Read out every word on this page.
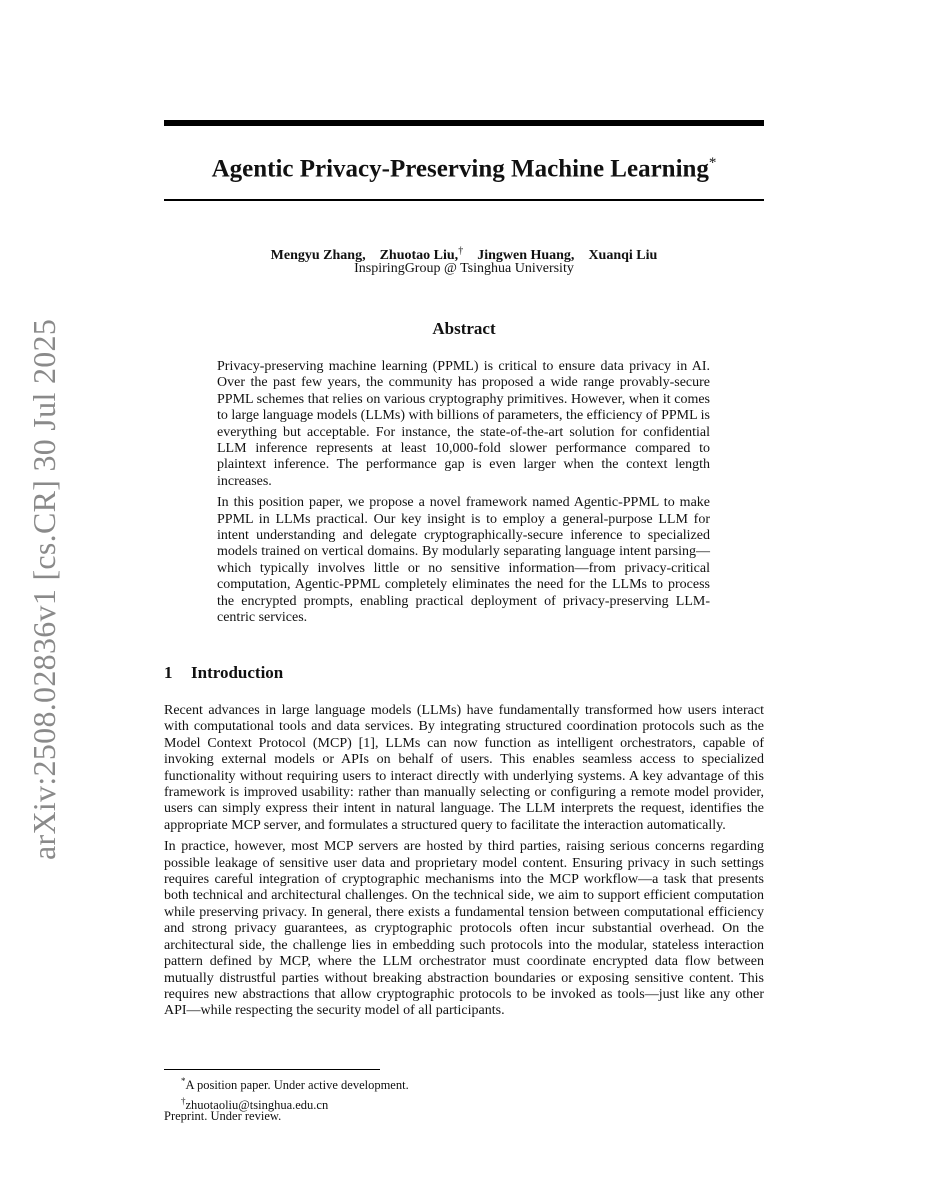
arXiv:2508.02836v1 [cs.CR] 30 Jul 2025
Agentic Privacy-Preserving Machine Learning*
Mengyu Zhang, Zhuotao Liu,† Jingwen Huang, Xuanqi Liu
InspiringGroup @ Tsinghua University
Abstract

Privacy-preserving machine learning (PPML) is critical to ensure data privacy in AI. Over the past few years, the community has proposed a wide range provably-secure PPML schemes that relies on various cryptography primitives. However, when it comes to large language models (LLMs) with billions of parameters, the efficiency of PPML is everything but acceptable. For instance, the state-of-the-art solution for confidential LLM inference represents at least 10,000-fold slower performance compared to plaintext inference. The performance gap is even larger when the context length increases.

In this position paper, we propose a novel framework named Agentic-PPML to make PPML in LLMs practical. Our key insight is to employ a general-purpose LLM for intent understanding and delegate cryptographically-secure inference to specialized models trained on vertical domains. By modularly separating language intent parsing—which typically involves little or no sensitive information—from privacy-critical computation, Agentic-PPML completely eliminates the need for the LLMs to process the encrypted prompts, enabling practical deployment of privacy-preserving LLM-centric services.

1 Introduction

Recent advances in large language models (LLMs) have fundamentally transformed how users interact with computational tools and data services. By integrating structured coordination protocols such as the Model Context Protocol (MCP) [1], LLMs can now function as intelligent orchestrators, capable of invoking external models or APIs on behalf of users. This enables seamless access to specialized functionality without requiring users to interact directly with underlying systems. A key advantage of this framework is improved usability: rather than manually selecting or configuring a remote model provider, users can simply express their intent in natural language. The LLM interprets the request, identifies the appropriate MCP server, and formulates a structured query to facilitate the interaction automatically.

In practice, however, most MCP servers are hosted by third parties, raising serious concerns regarding possible leakage of sensitive user data and proprietary model content. Ensuring privacy in such settings requires careful integration of cryptographic mechanisms into the MCP workflow—a task that presents both technical and architectural challenges. On the technical side, we aim to support efficient computation while preserving privacy. In general, there exists a fundamental tension between computational efficiency and strong privacy guarantees, as cryptographic protocols often incur substantial overhead. On the architectural side, the challenge lies in embedding such protocols into the modular, stateless interaction pattern defined by MCP, where the LLM orchestrator must coordinate encrypted data flow between mutually distrustful parties without breaking abstraction boundaries or exposing sensitive content. This requires new abstractions that allow cryptographic protocols to be invoked as tools—just like any other API—while respecting the security model of all participants.

*A position paper. Under active development.
†zhuotaoliu@tsinghua.edu.cn
Preprint. Under review.
